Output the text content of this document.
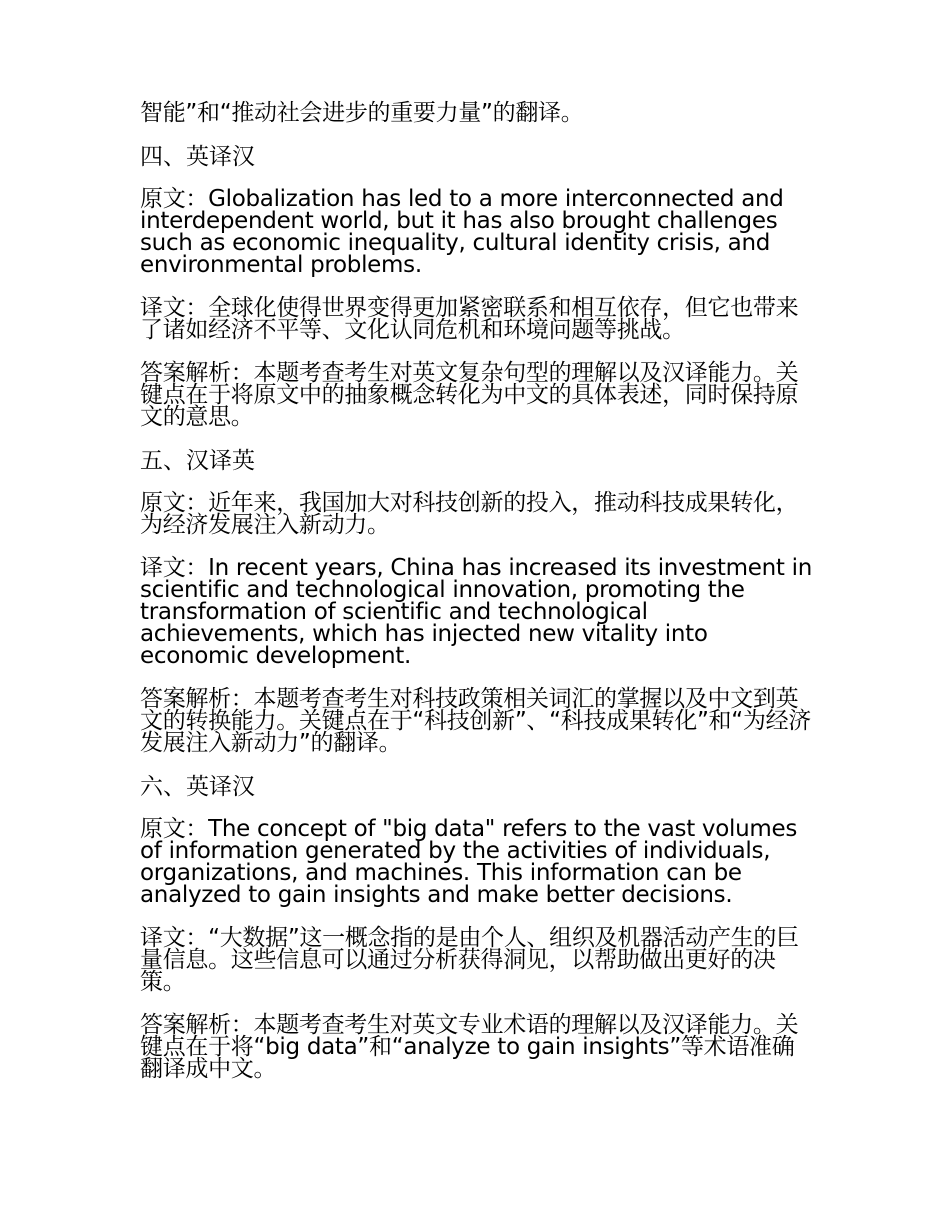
智能”和“推动社会进步的重要力量”的翻译。

四、英译汉

原文：Globalization has led to a more interconnected and interdependent world, but it has also brought challenges such as economic inequality, cultural identity crisis, and environmental problems.

译文：全球化使得世界变得更加紧密联系和相互依存，但它也带来了诸如经济不平等、文化认同危机和环境问题等挑战。

答案解析：本题考查考生对英文复杂句型的理解以及汉译能力。关键点在于将原文中的抽象概念转化为中文的具体表述，同时保持原文的意思。

五、汉译英

原文：近年来，我国加大对科技创新的投入，推动科技成果转化，为经济发展注入新动力。

译文：In recent years, China has increased its investment in scientific and technological innovation, promoting the transformation of scientific and technological achievements, which has injected new vitality into economic development.

答案解析：本题考查考生对科技政策相关词汇的掌握以及中文到英文的转换能力。关键点在于“科技创新”、“科技成果转化”和“为经济发展注入新动力”的翻译。

六、英译汉

原文：The concept of "big data" refers to the vast volumes of information generated by the activities of individuals, organizations, and machines. This information can be analyzed to gain insights and make better decisions.

译文：“大数据”这一概念指的是由个人、组织及机器活动产生的巨量信息。这些信息可以通过分析获得洞见，以帮助做出更好的决策。

答案解析：本题考查考生对英文专业术语的理解以及汉译能力。关键点在于将“big data”和“analyze to gain insights”等术语准确翻译成中文。
